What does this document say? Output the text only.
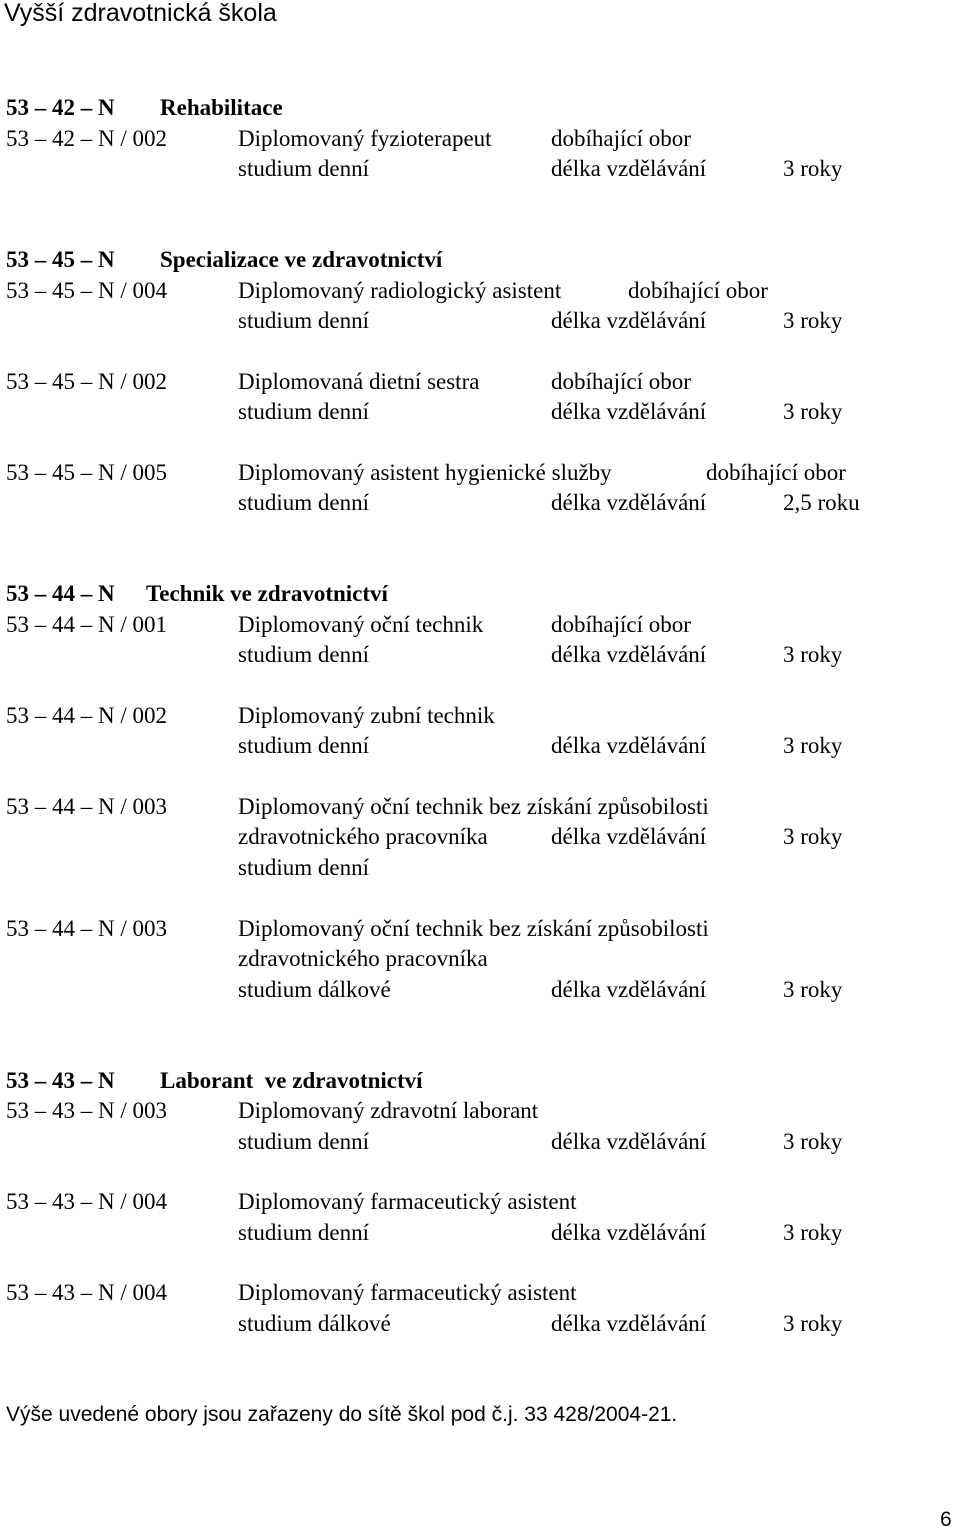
Vyšší zdravotnická škola
53 – 42 – N Rehabilitace
53 – 42 – N / 002	Diplomovaný fyzioterapeut	dobíhající obor
studium denní	délka vzdělávání	3 roky
53 – 45 – N Specializace ve zdravotnictví
53 – 45 – N / 004	Diplomovaný radiologický asistent	dobíhající obor
studium denní	délka vzdělávání	3 roky
53 – 45 – N / 002	Diplomovaná dietní sestra	dobíhající obor
studium denní	délka vzdělávání	3 roky
53 – 45 – N / 005	Diplomovaný asistent hygienické služby	dobíhající obor
studium denní	délka vzdělávání	2,5 roku
53 – 44 – N Technik ve zdravotnictví
53 – 44 – N / 001	Diplomovaný oční technik	dobíhající obor
studium denní	délka vzdělávání	3 roky
53 – 44 – N / 002	Diplomovaný zubní technik
studium denní	délka vzdělávání	3 roky
53 – 44 – N / 003	Diplomovaný oční technik bez získání způsobilosti
zdravotnického pracovníka	délka vzdělávání	3 roky
studium denní
53 – 44 – N / 003	Diplomovaný oční technik bez získání způsobilosti
zdravotnického pracovníka
studium dálkové	délka vzdělávání	3 roky
53 – 43 – N Laborant  ve zdravotnictví
53 – 43 – N / 003	Diplomovaný zdravotní laborant
studium denní	délka vzdělávání	3 roky
53 – 43 – N / 004	Diplomovaný farmaceutický asistent
studium denní	délka vzdělávání	3 roky
53 – 43 – N / 004	Diplomovaný farmaceutický asistent
studium dálkové	délka vzdělávání	3 roky
Výše uvedené obory jsou zařazeny do sítě škol pod č.j. 33 428/2004-21.
6
